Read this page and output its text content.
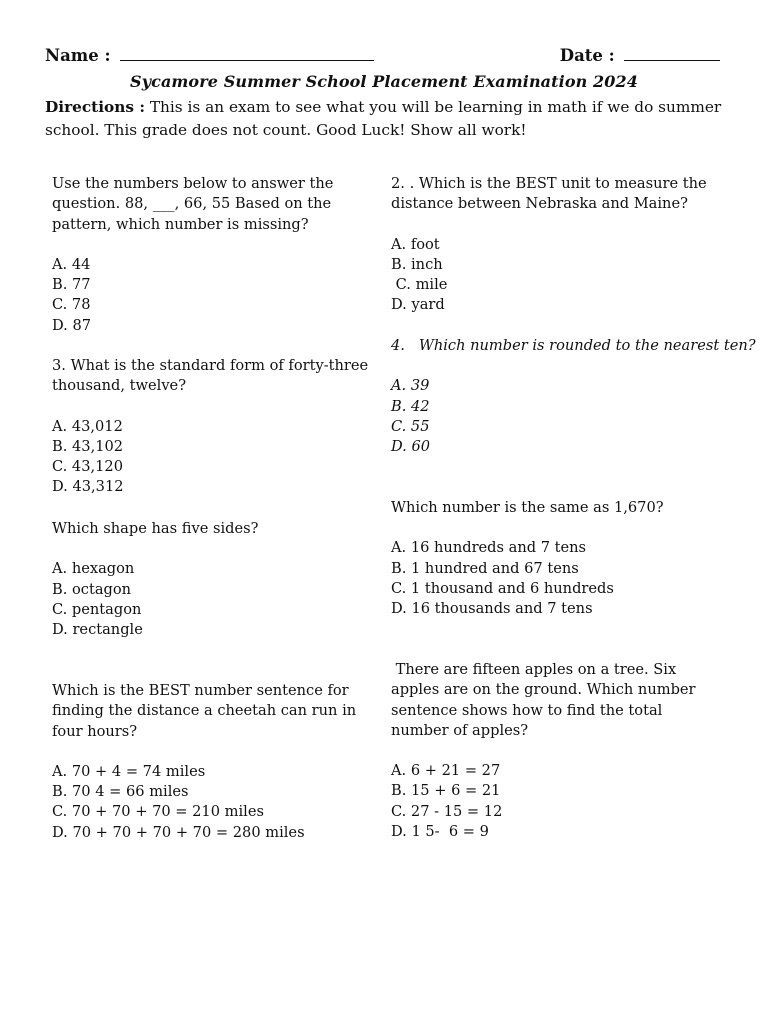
Name :	Date :
Sycamore Summer School Placement Examination 2024
Directions : This is an exam to see what you will be learning in math if we do summer school. This grade does not count. Good Luck! Show all work!

Use the numbers below to answer the question. 88, ___, 66, 55 Based on the pattern, which number is missing?

A. 44
B. 77
C. 78
D. 87

3. What is the standard form of forty-three thousand, twelve?

A. 43,012
B. 43,102
C. 43,120
D. 43,312

Which shape has five sides?

A. hexagon
B. octagon
C. pentagon
D. rectangle

Which is the BEST number sentence for finding the distance a cheetah can run in four hours?

A. 70 + 4 = 74 miles
B. 70 4 = 66 miles
C. 70 + 70 + 70 = 210 miles
D. 70 + 70 + 70 + 70 = 280 miles

2. . Which is the BEST unit to measure the distance between Nebraska and Maine?

A. foot
B. inch
C. mile
D. yard

4.   Which number is rounded to the nearest ten?

A. 39
B. 42
C. 55
D. 60

Which number is the same as 1,670?

A. 16 hundreds and 7 tens
B. 1 hundred and 67 tens
C. 1 thousand and 6 hundreds
D. 16 thousands and 7 tens

There are fifteen apples on a tree. Six apples are on the ground. Which number sentence shows how to find the total number of apples?

A. 6 + 21 = 27
B. 15 + 6 = 21
C. 27 - 15 = 12
D. 1 5-  6 = 9
